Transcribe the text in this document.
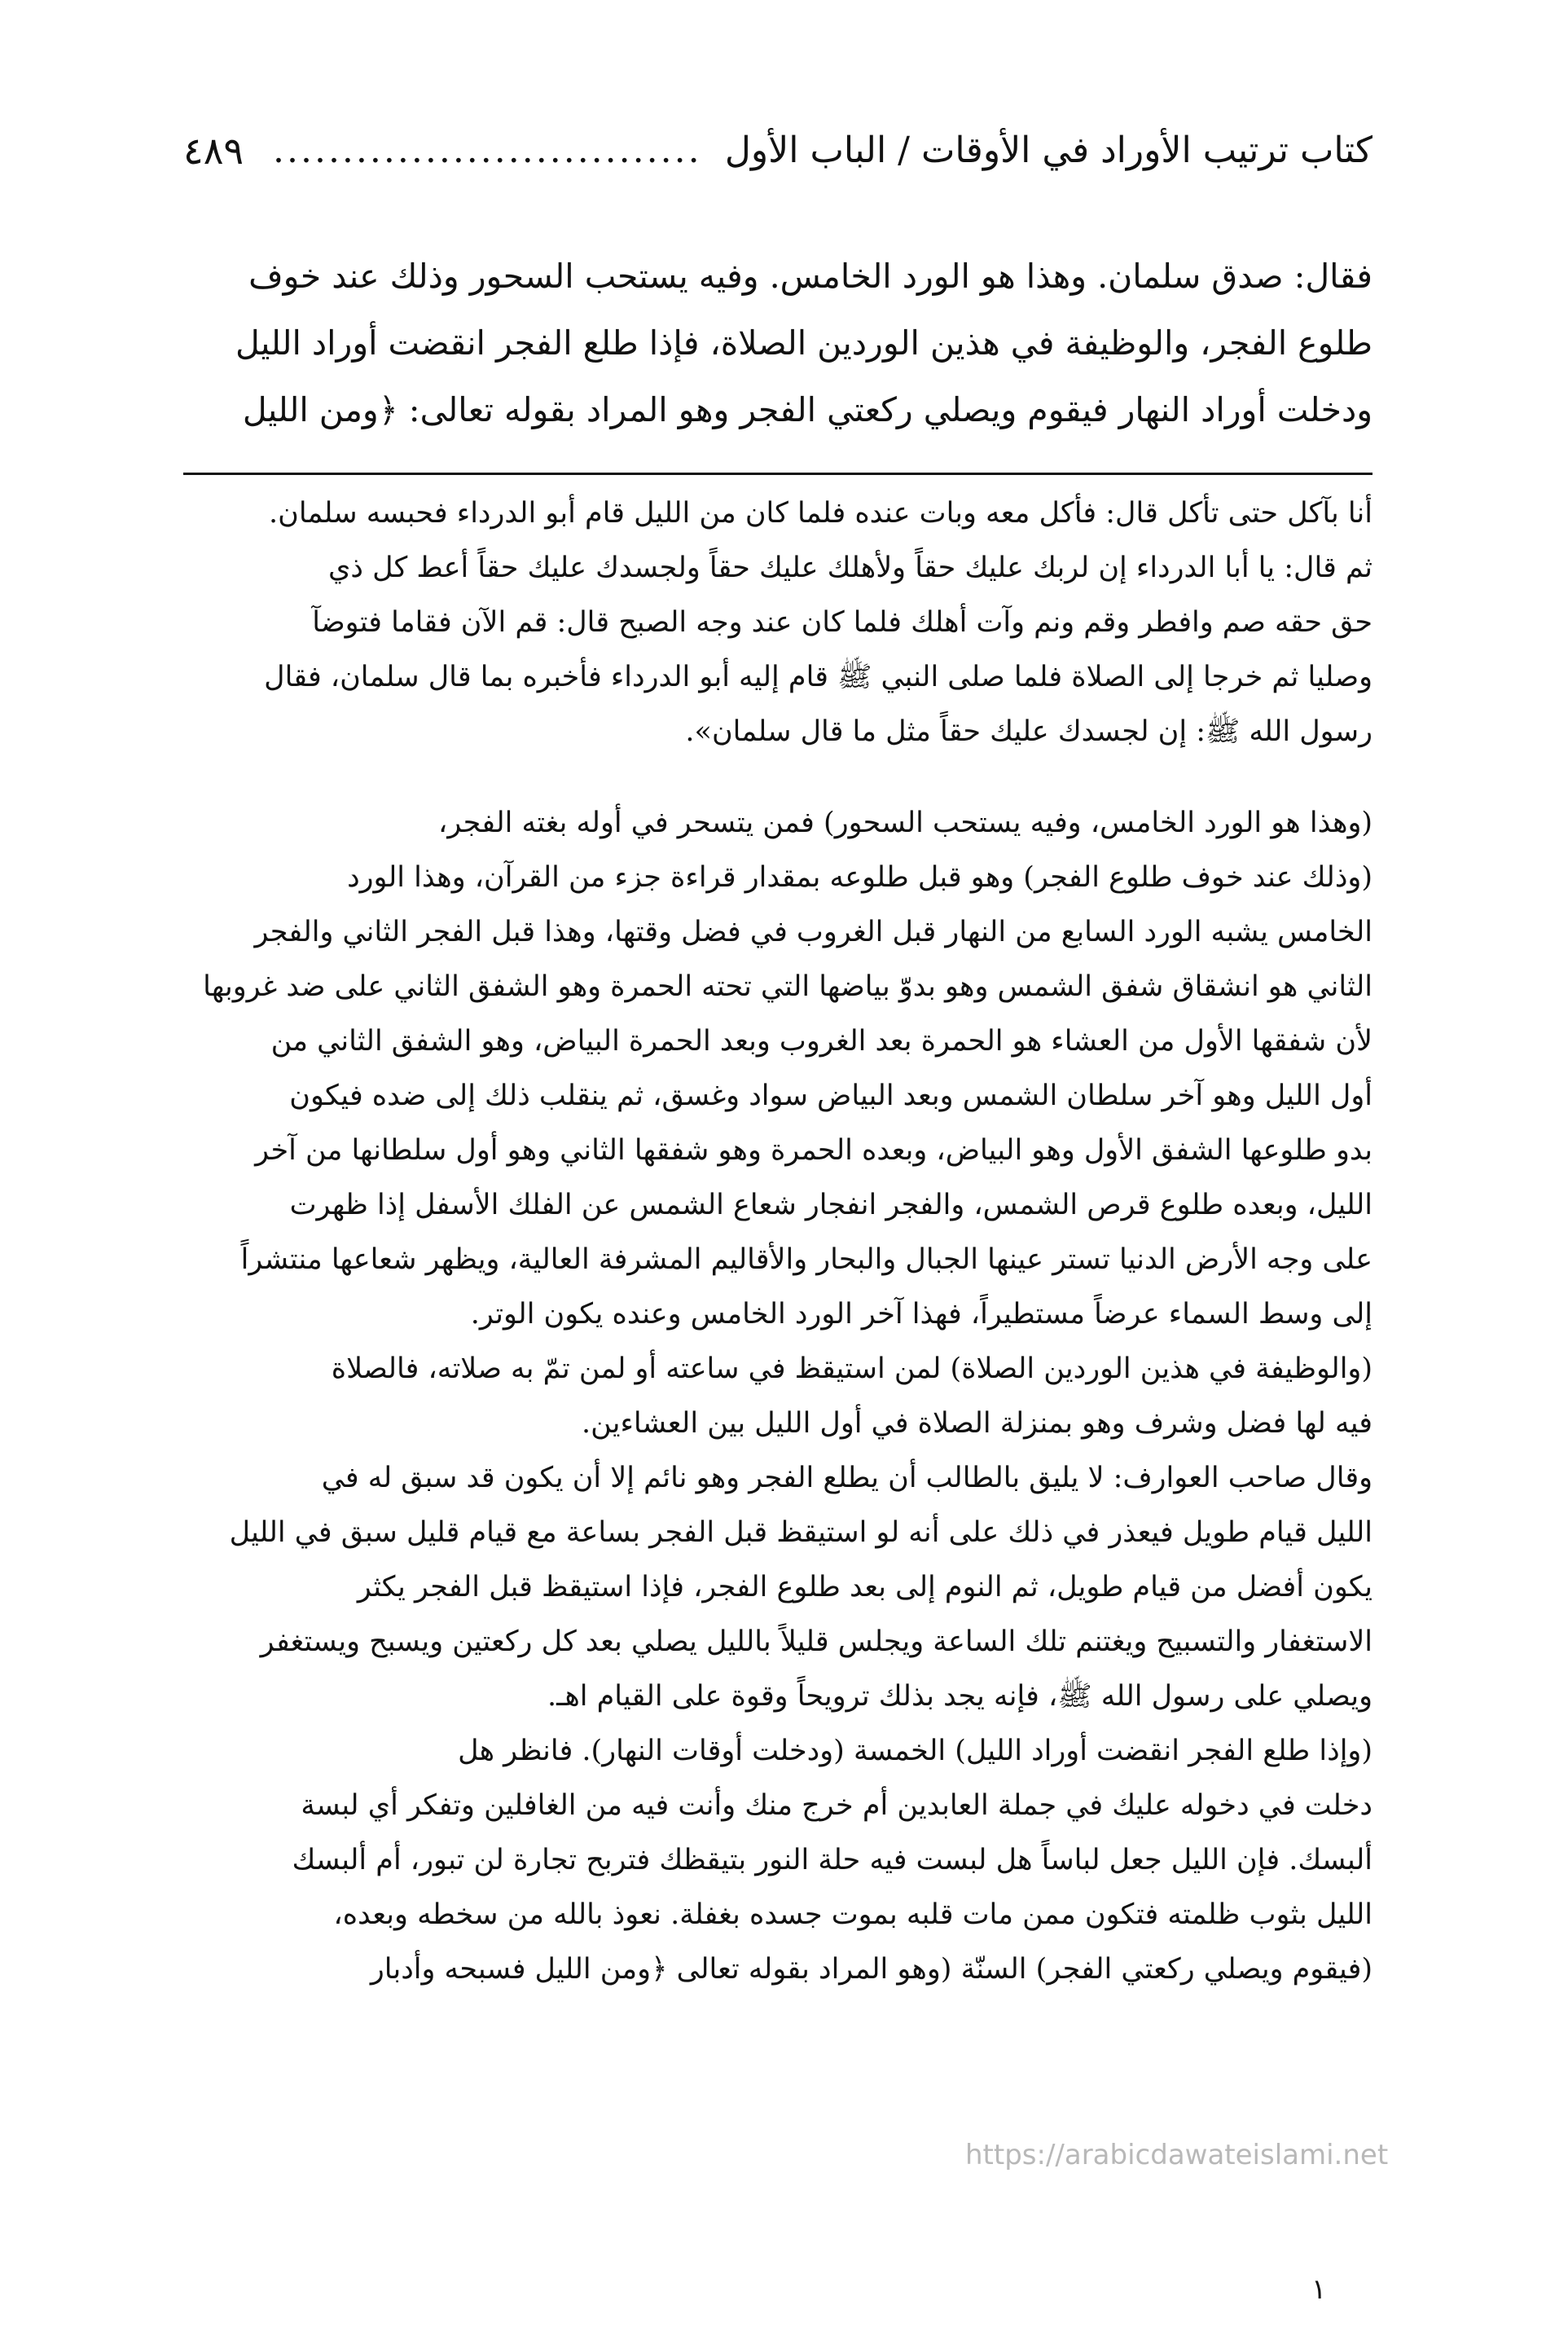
٤٨٩ ............................... كتاب ترتيب الأوراد في الأوقات / الباب الأول
فقال: صدق سلمان. وهذا هو الورد الخامس. وفيه يستحب السحور وذلك عند خوف
طلوع الفجر، والوظيفة في هذين الوردين الصلاة، فإذا طلع الفجر انقضت أوراد الليل
ودخلت أوراد النهار فيقوم ويصلي ركعتي الفجر وهو المراد بقوله تعالى: ﴿ومن الليل
أنا بآكل حتى تأكل قال: فأكل معه وبات عنده فلما كان من الليل قام أبو الدرداء فحبسه سلمان.
ثم قال: يا أبا الدرداء إن لربك عليك حقاً ولأهلك عليك حقاً ولجسدك عليك حقاً أعط كل ذي
حق حقه صم وافطر وقم ونم وآت أهلك فلما كان عند وجه الصبح قال: قم الآن فقاما فتوضآ
وصليا ثم خرجا إلى الصلاة فلما صلى النبي ﷺ قام إليه أبو الدرداء فأخبره بما قال سلمان، فقال
رسول الله ﷺ: إن لجسدك عليك حقاً مثل ما قال سلمان».
(وهذا هو الورد الخامس، وفيه يستحب السحور) فمن يتسحر في أوله بغته الفجر،
(وذلك عند خوف طلوع الفجر) وهو قبل طلوعه بمقدار قراءة جزء من القرآن، وهذا الورد
الخامس يشبه الورد السابع من النهار قبل الغروب في فضل وقتها، وهذا قبل الفجر الثاني والفجر
الثاني هو انشقاق شفق الشمس وهو بدوّ بياضها التي تحته الحمرة وهو الشفق الثاني على ضد غروبها
لأن شفقها الأول من العشاء هو الحمرة بعد الغروب وبعد الحمرة البياض، وهو الشفق الثاني من
أول الليل وهو آخر سلطان الشمس وبعد البياض سواد وغسق، ثم ينقلب ذلك إلى ضده فيكون
بدو طلوعها الشفق الأول وهو البياض، وبعده الحمرة وهو شفقها الثاني وهو أول سلطانها من آخر
الليل، وبعده طلوع قرص الشمس، والفجر انفجار شعاع الشمس عن الفلك الأسفل إذا ظهرت
على وجه الأرض الدنيا تستر عينها الجبال والبحار والأقاليم المشرفة العالية، ويظهر شعاعها منتشراً
إلى وسط السماء عرضاً مستطيراً، فهذا آخر الورد الخامس وعنده يكون الوتر.
(والوظيفة في هذين الوردين الصلاة) لمن استيقظ في ساعته أو لمن تمّ به صلاته، فالصلاة
فيه لها فضل وشرف وهو بمنزلة الصلاة في أول الليل بين العشاءين.
وقال صاحب العوارف: لا يليق بالطالب أن يطلع الفجر وهو نائم إلا أن يكون قد سبق له في
الليل قيام طويل فيعذر في ذلك على أنه لو استيقظ قبل الفجر بساعة مع قيام قليل سبق في الليل
يكون أفضل من قيام طويل، ثم النوم إلى بعد طلوع الفجر، فإذا استيقظ قبل الفجر يكثر
الاستغفار والتسبيح ويغتنم تلك الساعة ويجلس قليلاً بالليل يصلي بعد كل ركعتين ويسبح ويستغفر
ويصلي على رسول الله ﷺ، فإنه يجد بذلك ترويحاً وقوة على القيام اهـ.
(وإذا طلع الفجر انقضت أوراد الليل) الخمسة (ودخلت أوقات النهار). فانظر هل
دخلت في دخوله عليك في جملة العابدين أم خرج منك وأنت فيه من الغافلين وتفكر أي لبسة
ألبسك. فإن الليل جعل لباساً هل لبست فيه حلة النور بتيقظك فتربح تجارة لن تبور، أم ألبسك
الليل بثوب ظلمته فتكون ممن مات قلبه بموت جسده بغفلة. نعوذ بالله من سخطه وبعده،
(فيقوم ويصلي ركعتي الفجر) السنّة (وهو المراد بقوله تعالى ﴿ومن الليل فسبحه وأدبار
https://arabicdawateislami.net
١
